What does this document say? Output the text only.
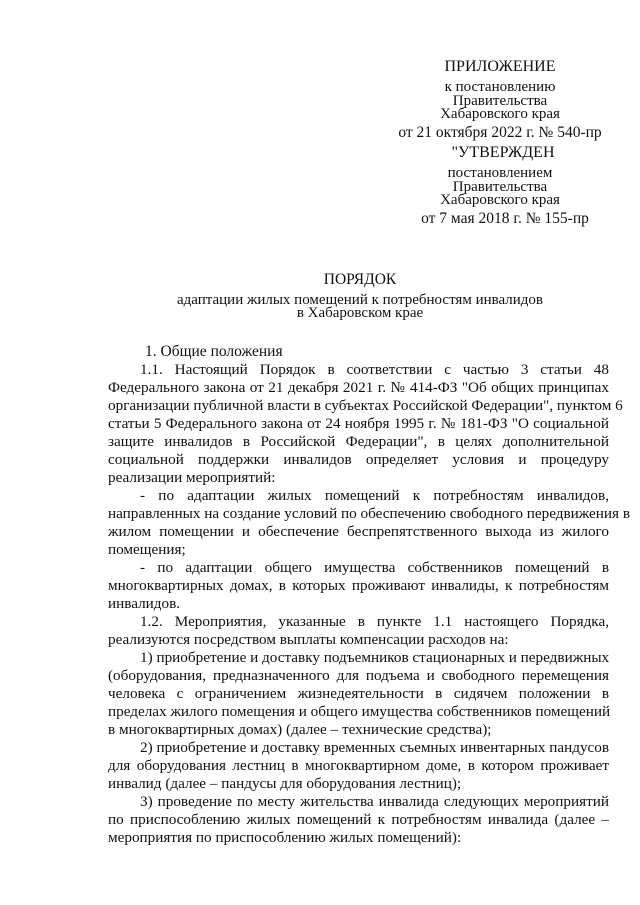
ПРИЛОЖЕНИЕ
к постановлению
Правительства
Хабаровского края
от 21 октября 2022 г. № 540-пр
"УТВЕРЖДЕН
постановлением
Правительства
Хабаровского края
от 7 мая 2018 г. № 155-пр
ПОРЯДОК
адаптации жилых помещений к потребностям инвалидов
в Хабаровском крае
1. Общие положения
1.1. Настоящий Порядок в соответствии с частью 3 статьи 48
Федерального закона от 21 декабря 2021 г. № 414-ФЗ "Об общих принципах
организации публичной власти в субъектах Российской Федерации", пунктом 6
статьи 5 Федерального закона от 24 ноября 1995 г. № 181-ФЗ "О социальной
защите инвалидов в Российской Федерации", в целях дополнительной
социальной поддержки инвалидов определяет условия и процедуру
реализации мероприятий:
- по адаптации жилых помещений к потребностям инвалидов,
направленных на создание условий по обеспечению свободного передвижения в
жилом помещении и обеспечение беспрепятственного выхода из жилого
помещения;
- по адаптации общего имущества собственников помещений в
многоквартирных домах, в которых проживают инвалиды, к потребностям
инвалидов.
1.2. Мероприятия, указанные в пункте 1.1 настоящего Порядка,
реализуются посредством выплаты компенсации расходов на:
1) приобретение и доставку подъемников стационарных и передвижных
(оборудования, предназначенного для подъема и свободного перемещения
человека с ограничением жизнедеятельности в сидячем положении в
пределах жилого помещения и общего имущества собственников помещений
в многоквартирных домах) (далее – технические средства);
2) приобретение и доставку временных съемных инвентарных пандусов
для оборудования лестниц в многоквартирном доме, в котором проживает
инвалид (далее – пандусы для оборудования лестниц);
3) проведение по месту жительства инвалида следующих мероприятий
по приспособлению жилых помещений к потребностям инвалида (далее –
мероприятия по приспособлению жилых помещений):
